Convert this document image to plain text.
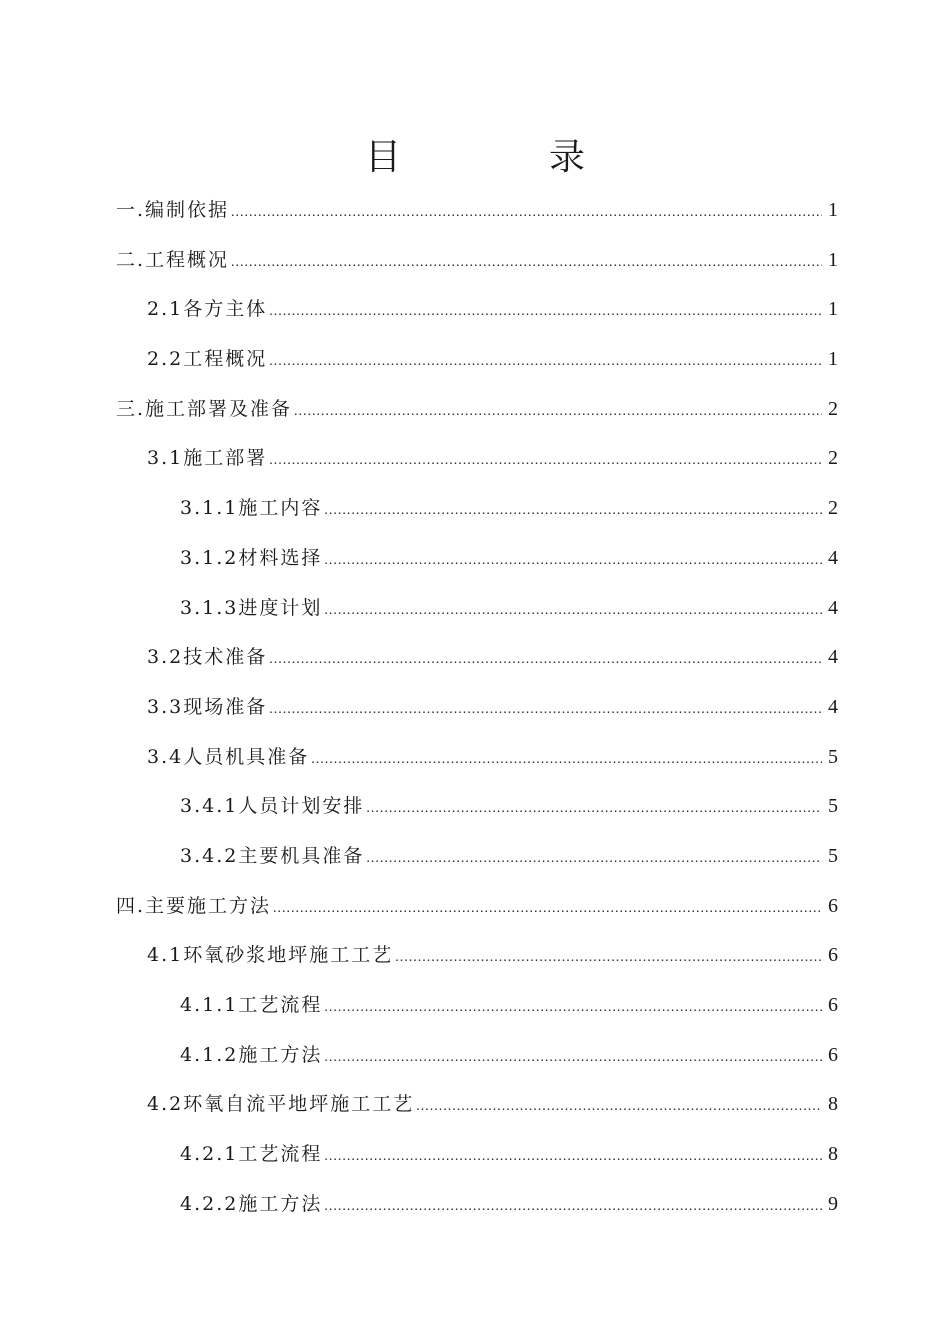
目　录
一.编制依据 .....	1
二.工程概况 .....	1
2.1各方主体 .....	1
2.2工程概况 .....	1
三.施工部署及准备 .....	2
3.1施工部署 .....	2
3.1.1施工内容 .....	2
3.1.2材料选择 .....	4
3.1.3进度计划 .....	4
3.2技术准备 .....	4
3.3现场准备 .....	4
3.4人员机具准备 .....	5
3.4.1人员计划安排 .....	5
3.4.2主要机具准备 .....	5
四.主要施工方法 .....	6
4.1环氧砂浆地坪施工工艺 .....	6
4.1.1工艺流程 .....	6
4.1.2施工方法 .....	6
4.2环氧自流平地坪施工工艺 .....	8
4.2.1工艺流程 .....	8
4.2.2施工方法 .....	9
